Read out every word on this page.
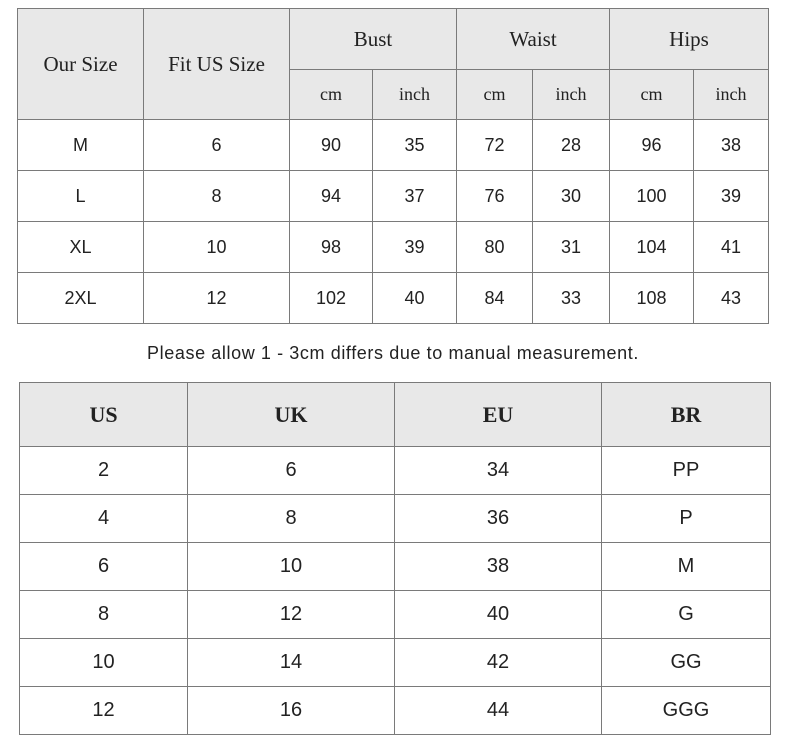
Our Size	Fit US Size	Bust		Waist		Hips	
		cm	inch	cm	inch	cm	inch
M	6	90	35	72	28	96	38
L	8	94	37	76	30	100	39
XL	10	98	39	80	31	104	41
2XL	12	102	40	84	33	108	43
Please allow 1 - 3cm differs due to manual measurement.
US	UK	EU	BR
2	6	34	PP
4	8	36	P
6	10	38	M
8	12	40	G
10	14	42	GG
12	16	44	GGG
